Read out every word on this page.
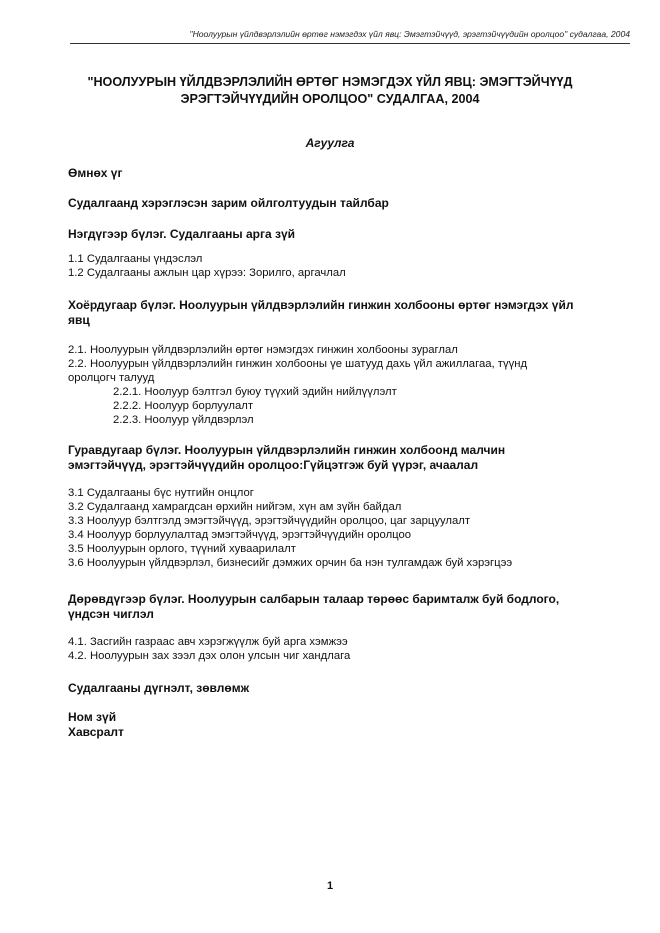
"Ноолуурын үйлдвэрлэлийн өртөг нэмэгдэх үйл явц: Эмэгтэйчүүд, эрэгтэйчүүдийн оролцоо" судалгаа, 2004
"НООЛУУРЫН ҮЙЛДВЭРЛЭЛИЙН ӨРТӨГ НЭМЭГДЭХ ҮЙЛ ЯВЦ: ЭМЭГТЭЙЧҮҮД
ЭРЭГТЭЙЧҮҮДИЙН ОРОЛЦОО" СУДАЛГАА, 2004
Агуулга
Өмнөх үг
Судалгаанд хэрэглэсэн зарим ойлголтуудын тайлбар
Нэгдүгээр бүлэг. Судалгааны арга зүй
1.1 Судалгааны үндэслэл
1.2 Судалгааны ажлын цар хүрээ: Зорилго, аргачлал
Хоёрдугаар бүлэг. Ноолуурын үйлдвэрлэлийн гинжин холбооны өртөг нэмэгдэх үйл
явц
2.1. Ноолуурын үйлдвэрлэлийн өртөг нэмэгдэх гинжин холбооны зураглал
2.2. Ноолуурын үйлдвэрлэлийн гинжин холбооны үе шатууд дахь үйл ажиллагаа, түүнд
оролцогч талууд
2.2.1. Ноолуур бэлтгэл буюу түүхий эдийн нийлүүлэлт
2.2.2. Ноолуур борлуулалт
2.2.3. Ноолуур үйлдвэрлэл
Гуравдугаар бүлэг. Ноолуурын үйлдвэрлэлийн гинжин холбоонд малчин
эмэгтэйчүүд, эрэгтэйчүүдийн оролцоо:Гүйцэтгэж буй үүрэг, ачаалал
3.1 Судалгааны бүс нутгийн онцлог
3.2 Судалгаанд хамрагдсан өрхийн нийгэм, хүн ам зүйн байдал
3.3 Ноолуур бэлтгэлд эмэгтэйчүүд, эрэгтэйчүүдийн оролцоо, цаг зарцуулалт
3.4 Ноолуур борлуулалтад эмэгтэйчүүд, эрэгтэйчүүдийн оролцоо
3.5 Ноолуурын орлого, түүний хуваарилалт
3.6 Ноолуурын үйлдвэрлэл, бизнесийг дэмжих орчин ба нэн тулгамдаж буй хэрэгцээ
Дөрөвдүгээр бүлэг. Ноолуурын салбарын талаар төрөөс баримталж буй бодлого,
үндсэн чиглэл
4.1. Засгийн газраас авч хэрэгжүүлж буй арга хэмжээ
4.2. Ноолуурын зах зээл дэх олон улсын чиг хандлага
Судалгааны дүгнэлт, зөвлөмж
Ном зүй
Хавсралт
1
